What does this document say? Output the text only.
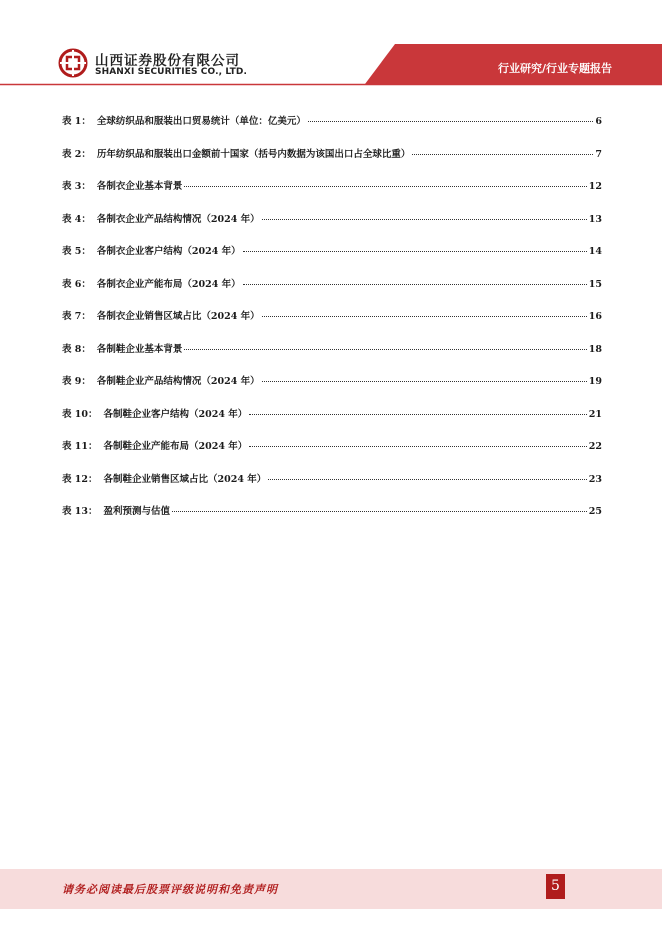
山西证券股份有限公司
SHANXI SECURITIES CO., LTD.	行业研究/行业专题报告
表 1： 全球纺织品和服装出口贸易统计（单位：亿美元）	6
表 2： 历年纺织品和服装出口金额前十国家（括号内数据为该国出口占全球比重）	7
表 3： 各制衣企业基本背景	12
表 4： 各制衣企业产品结构情况（2024 年）	13
表 5： 各制衣企业客户结构（2024 年）	14
表 6： 各制衣企业产能布局（2024 年）	15
表 7： 各制衣企业销售区域占比（2024 年）	16
表 8： 各制鞋企业基本背景	18
表 9： 各制鞋企业产品结构情况（2024 年）	19
表 10： 各制鞋企业客户结构（2024 年）	21
表 11： 各制鞋企业产能布局（2024 年）	22
表 12： 各制鞋企业销售区域占比（2024 年）	23
表 13： 盈利预测与估值	25
请务必阅读最后股票评级说明和免责声明	5
